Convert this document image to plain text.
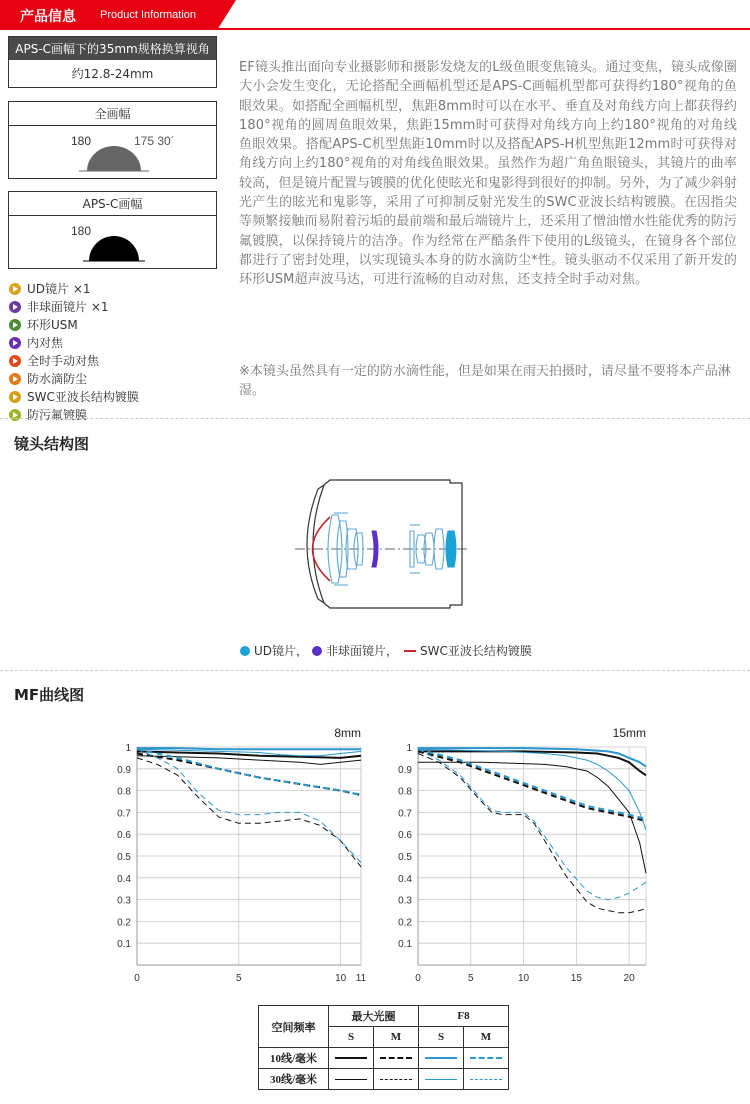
产品信息 Product Information
APS-C画幅下的35mm规格换算视角
约12.8-24mm
全画幅
180	175 30´
APS-C画幅
180
UD镜片 ×1
非球面镜片 ×1
环形USM
内对焦
全时手动对焦
防水滴防尘
SWC亚波长结构镀膜
防污氟镀膜

EF镜头推出面向专业摄影师和摄影发烧友的L级鱼眼变焦镜头。通过变焦，镜头成像圈大小会发生变化，无论搭配全画幅机型还是APS-C画幅机型都可获得约180°视角的鱼眼效果。如搭配全画幅机型，焦距8mm时可以在水平、垂直及对角线方向上都获得约180°视角的圆周鱼眼效果，焦距15mm时可获得对角线方向上约180°视角的对角线鱼眼效果。搭配APS-C机型焦距10mm时以及搭配APS-H机型焦距12mm时可获得对角线方向上约180°视角的对角线鱼眼效果。虽然作为超广角鱼眼镜头，其镜片的曲率较高，但是镜片配置与镀膜的优化使眩光和鬼影得到很好的抑制。另外，为了减少斜射光产生的眩光和鬼影等，采用了可抑制反射光发生的SWC亚波长结构镀膜。在因指尖等频繁接触而易附着污垢的最前端和最后端镜片上，还采用了憎油憎水性能优秀的防污氟镀膜，以保持镜片的洁净。作为经常在严酷条件下使用的L级镜头，在镜身各个部位都进行了密封处理，以实现镜头本身的防水滴防尘*性。镜头驱动不仅采用了新开发的环形USM超声波马达，可进行流畅的自动对焦，还支持全时手动对焦。

※本镜头虽然具有一定的防水滴性能，但是如果在雨天拍摄时，请尽量不要将本产品淋湿。

镜头结构图
UD镜片， 非球面镜片， SWC亚波长结构镀膜
MF曲线图
0.1
0.2
0.3
0.4
0.5
0.6
0.7
0.8
0.9
1
0	5	10 11
8mm
0.1
0.2
0.3
0.4
0.5
0.6
0.7
0.8
0.9
1
0	5	10	15	20
15mm
空间频率	最大光圈		F8	
	S	M	S	M
10线/毫米				
30线/毫米				
